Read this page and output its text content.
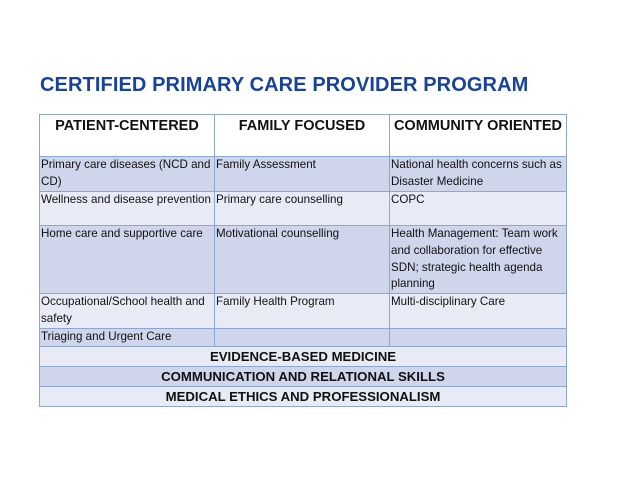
CERTIFIED PRIMARY CARE PROVIDER PROGRAM
PATIENT-CENTERED	FAMILY FOCUSED	COMMUNITY ORIENTED
Primary care diseases (NCD and CD)	Family Assessment	National health concerns such as Disaster Medicine
Wellness and disease prevention	Primary care counselling	COPC
Home care and supportive care	Motivational counselling	Health Management: Team work and collaboration for effective SDN; strategic health agenda planning
Occupational/School health and safety	Family Health Program	Multi-disciplinary Care
Triaging and Urgent Care		
EVIDENCE-BASED MEDICINE		
COMMUNICATION AND RELATIONAL SKILLS		
MEDICAL ETHICS AND PROFESSIONALISM		
